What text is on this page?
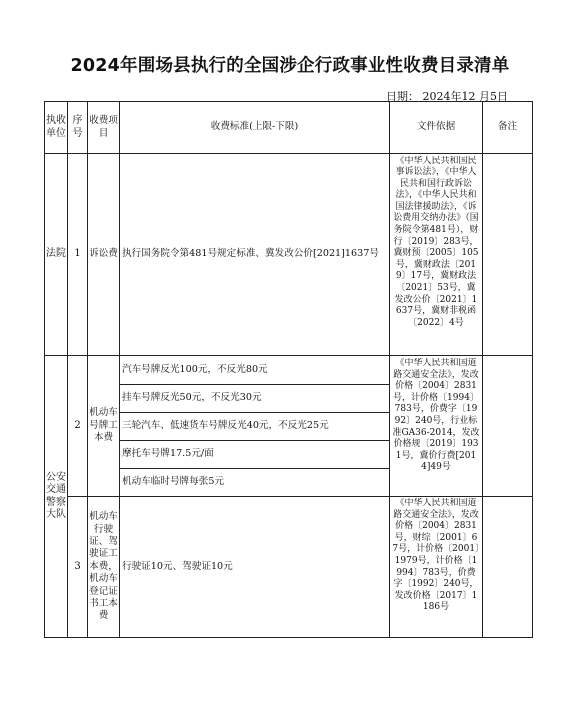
2024年围场县执行的全国涉企行政事业性收费目录清单
日期： 2024年12 月5日
执收单位	序号	收费项目	收费标准(上限-下限)	文件依据	备注
法院	1	诉讼费	执行国务院令第481号规定标准、冀发改公价[2021]1637号	《中华人民共和国民事诉讼法》，《中华人民共和国行政诉讼法》，《中华人民共和国法律援助法》，《诉讼费用交纳办法》（国务院令第481号），财行〔2019〕283号，冀财预〔2005〕105号，冀财政法〔2019〕17号，冀财政法〔2021〕53号，冀发改公价〔2021〕1637号，冀财非税函〔2022〕4号	

公安交通警察大队	2	机动车号牌工本费	汽车号牌反光100元，不反光80元	《中华人民共和国道路交通安全法》，发改价格〔2004〕2831号，计价格〔1994〕783号，价费字〔1992〕240号，行业标准GA36-2014，发改价格规〔2019〕1931号，冀价行费[2014]49号	

			挂车号牌反光50元，不反光30元		
			三轮汽车、低速货车号牌反光40元，不反光25元		
			摩托车号牌17.5元/面		
			机动车临时号牌每张5元		
	3	机动车行驶证、驾驶证工本费，机动车登记证书工本费	行驶证10元、驾驶证10元	《中华人民共和国道路交通安全法》，发改价格〔2004〕2831号，财综〔2001〕67号，计价格〔2001〕1979号，计价格〔1994〕783号，价费字〔1992〕240号，发改价格〔2017〕1186号	
